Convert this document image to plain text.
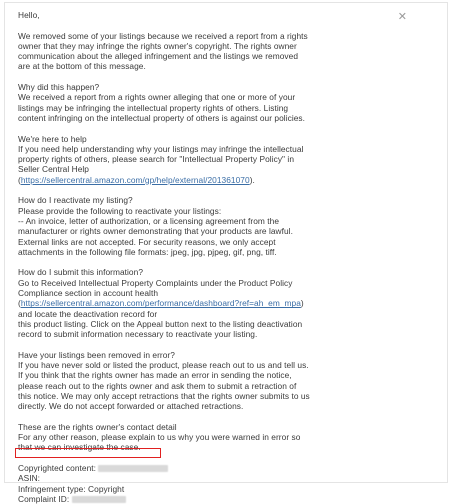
✕
Hello,
We removed some of your listings because we received a report from a rights
owner that they may infringe the rights owner's copyright. The rights owner
communication about the alleged infringement and the listings we removed
are at the bottom of this message.
Why did this happen?
We received a report from a rights owner alleging that one or more of your
listings may be infringing the intellectual property rights of others. Listing
content infringing on the intellectual property of others is against our policies.
We're here to help
If you need help understanding why your listings may infringe the intellectual
property rights of others, please search for "Intellectual Property Policy" in
Seller Central Help
(https://sellercentral.amazon.com/gp/help/external/201361070).
How do I reactivate my listing?
Please provide the following to reactivate your listings:
-- An invoice, letter of authorization, or a licensing agreement from the
manufacturer or rights owner demonstrating that your products are lawful.
External links are not accepted. For security reasons, we only accept
attachments in the following file formats: jpeg, jpg, pjpeg, gif, png, tiff.
How do I submit this information?
Go to Received Intellectual Property Complaints under the Product Policy
Compliance section in account health
(https://sellercentral.amazon.com/performance/dashboard?ref=ah_em_mpa)
and locate the deactivation record for
this product listing. Click on the Appeal button next to the listing deactivation
record to submit information necessary to reactivate your listing.
Have your listings been removed in error?
If you have never sold or listed the product, please reach out to us and tell us.
If you think that the rights owner has made an error in sending the notice,
please reach out to the rights owner and ask them to submit a retraction of
this notice. We may only accept retractions that the rights owner submits to us
directly. We do not accept forwarded or attached retractions.
These are the rights owner's contact detail
For any other reason, please explain to us why you were warned in error so
that we can investigate the case.
Copyrighted content:
ASIN:
Infringement type: Copyright
Complaint ID:
